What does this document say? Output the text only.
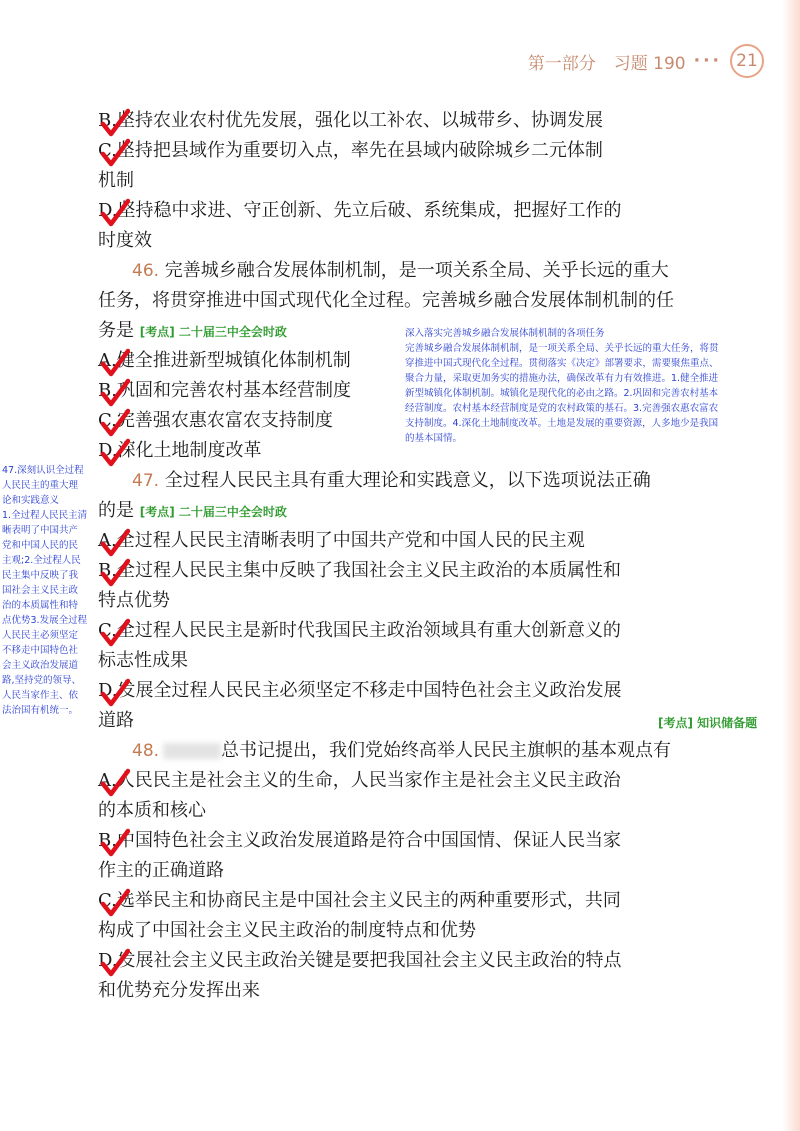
第一部分 习题 190 ··· 21
B.坚持农业农村优先发展，强化以工补农、以城带乡、协调发展
C.坚持把县域作为重要切入点，率先在县域内破除城乡二元体制
机制
D.坚持稳中求进、守正创新、先立后破、系统集成，把握好工作的
时度效
46. 完善城乡融合发展体制机制，是一项关系全局、关乎长远的重大
任务，将贯穿推进中国式现代化全过程。完善城乡融合发展体制机制的任
务是 [考点] 二十届三中全会时政
A.健全推进新型城镇化体制机制
B.巩固和完善农村基本经营制度
C.完善强农惠农富农支持制度
D.深化土地制度改革
47. 全过程人民民主具有重大理论和实践意义，以下选项说法正确
的是 [考点] 二十届三中全会时政
A.全过程人民民主清晰表明了中国共产党和中国人民的民主观
B.全过程人民民主集中反映了我国社会主义民主政治的本质属性和
特点优势
C.全过程人民民主是新时代我国民主政治领域具有重大创新意义的
标志性成果
D.发展全过程人民民主必须坚定不移走中国特色社会主义政治发展
道路	[考点] 知识储备题
48.	总书记提出，我们党始终高举人民民主旗帜的基本观点有
A.人民民主是社会主义的生命，人民当家作主是社会主义民主政治
的本质和核心
B.中国特色社会主义政治发展道路是符合中国国情、保证人民当家
作主的正确道路
C.选举民主和协商民主是中国社会主义民主的两种重要形式，共同
构成了中国社会主义民主政治的制度特点和优势
D.发展社会主义民主政治关键是要把我国社会主义民主政治的特点
和优势充分发挥出来
深入落实完善城乡融合发展体制机制的各项任务
完善城乡融合发展体制机制，是一项关系全局、关乎长远的重大任务，将贯
穿推进中国式现代化全过程。贯彻落实《决定》部署要求，需要聚焦重点、
聚合力量，采取更加务实的措施办法，确保改革有力有效推进。1.健全推进
新型城镇化体制机制。城镇化是现代化的必由之路。2.巩固和完善农村基本
经营制度。农村基本经营制度是党的农村政策的基石。3.完善强农惠农富农
支持制度。4.深化土地制度改革。土地是发展的重要资源，人多地少是我国
的基本国情。
47.深刻认识全过程
人民民主的重大理
论和实践意义
1.全过程人民民主清
晰表明了中国共产
党和中国人民的民
主观;2.全过程人民
民主集中反映了我
国社会主义民主政
治的本质属性和特
点优势3.发展全过程
人民民主必须坚定
不移走中国特色社
会主义政治发展道
路,坚持党的领导、
人民当家作主、依
法治国有机统一。
